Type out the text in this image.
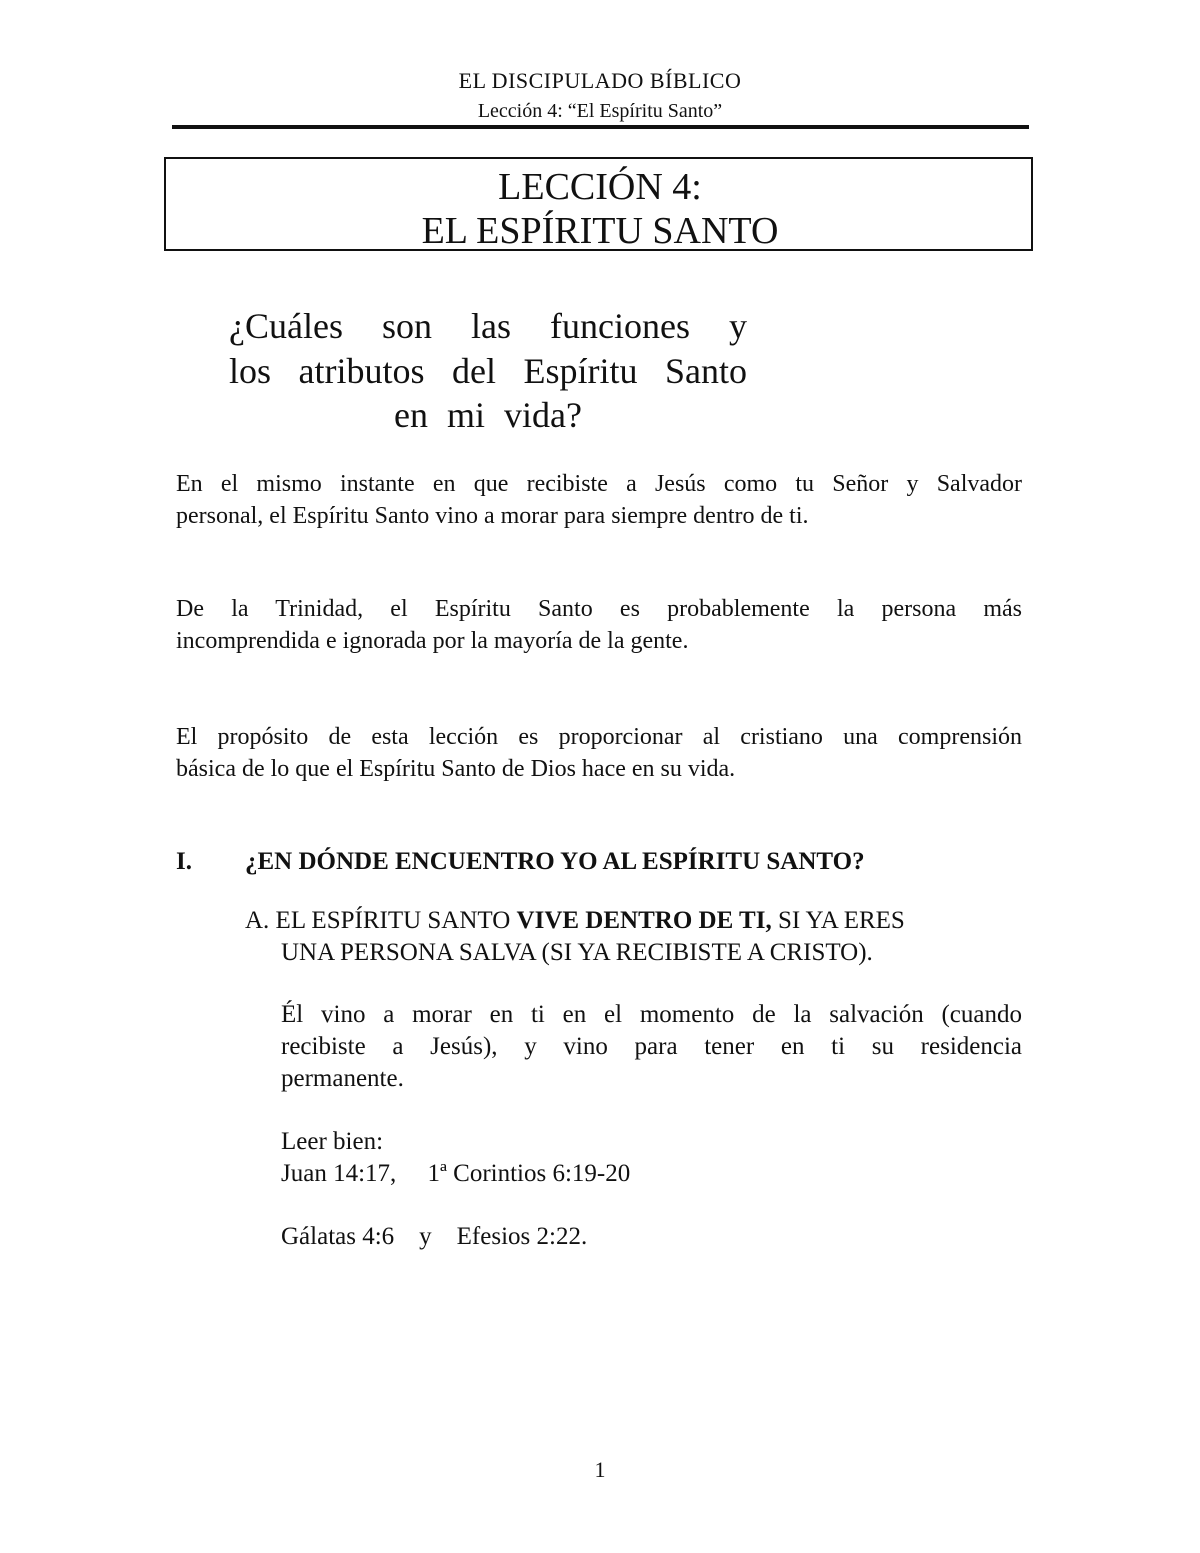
EL DISCIPULADO BÍBLICO
Lección 4: “El Espíritu Santo”
LECCIÓN 4:
EL ESPÍRITU SANTO
¿Cuáles son las funciones y
los atributos del Espíritu Santo
en mi vida?
En el mismo instante en que recibiste a Jesús como tu Señor y Salvador
personal, el Espíritu Santo vino a morar para siempre dentro de ti.
De la Trinidad, el Espíritu Santo es probablemente la persona más
incomprendida e ignorada por la mayoría de la gente.
El propósito de esta lección es proporcionar al cristiano una comprensión
básica de lo que el Espíritu Santo de Dios hace en su vida.
I. ¿EN DÓNDE ENCUENTRO YO AL ESPÍRITU SANTO?
A. EL ESPÍRITU SANTO VIVE DENTRO DE TI, SI YA ERES
UNA PERSONA SALVA (SI YA RECIBISTE A CRISTO).
Él vino a morar en ti en el momento de la salvación (cuando
recibiste a Jesús), y vino para tener en ti su residencia
permanente.
Leer bien:
Juan 14:17,     1ª Corintios 6:19-20
Gálatas 4:6    y    Efesios 2:22.
1
